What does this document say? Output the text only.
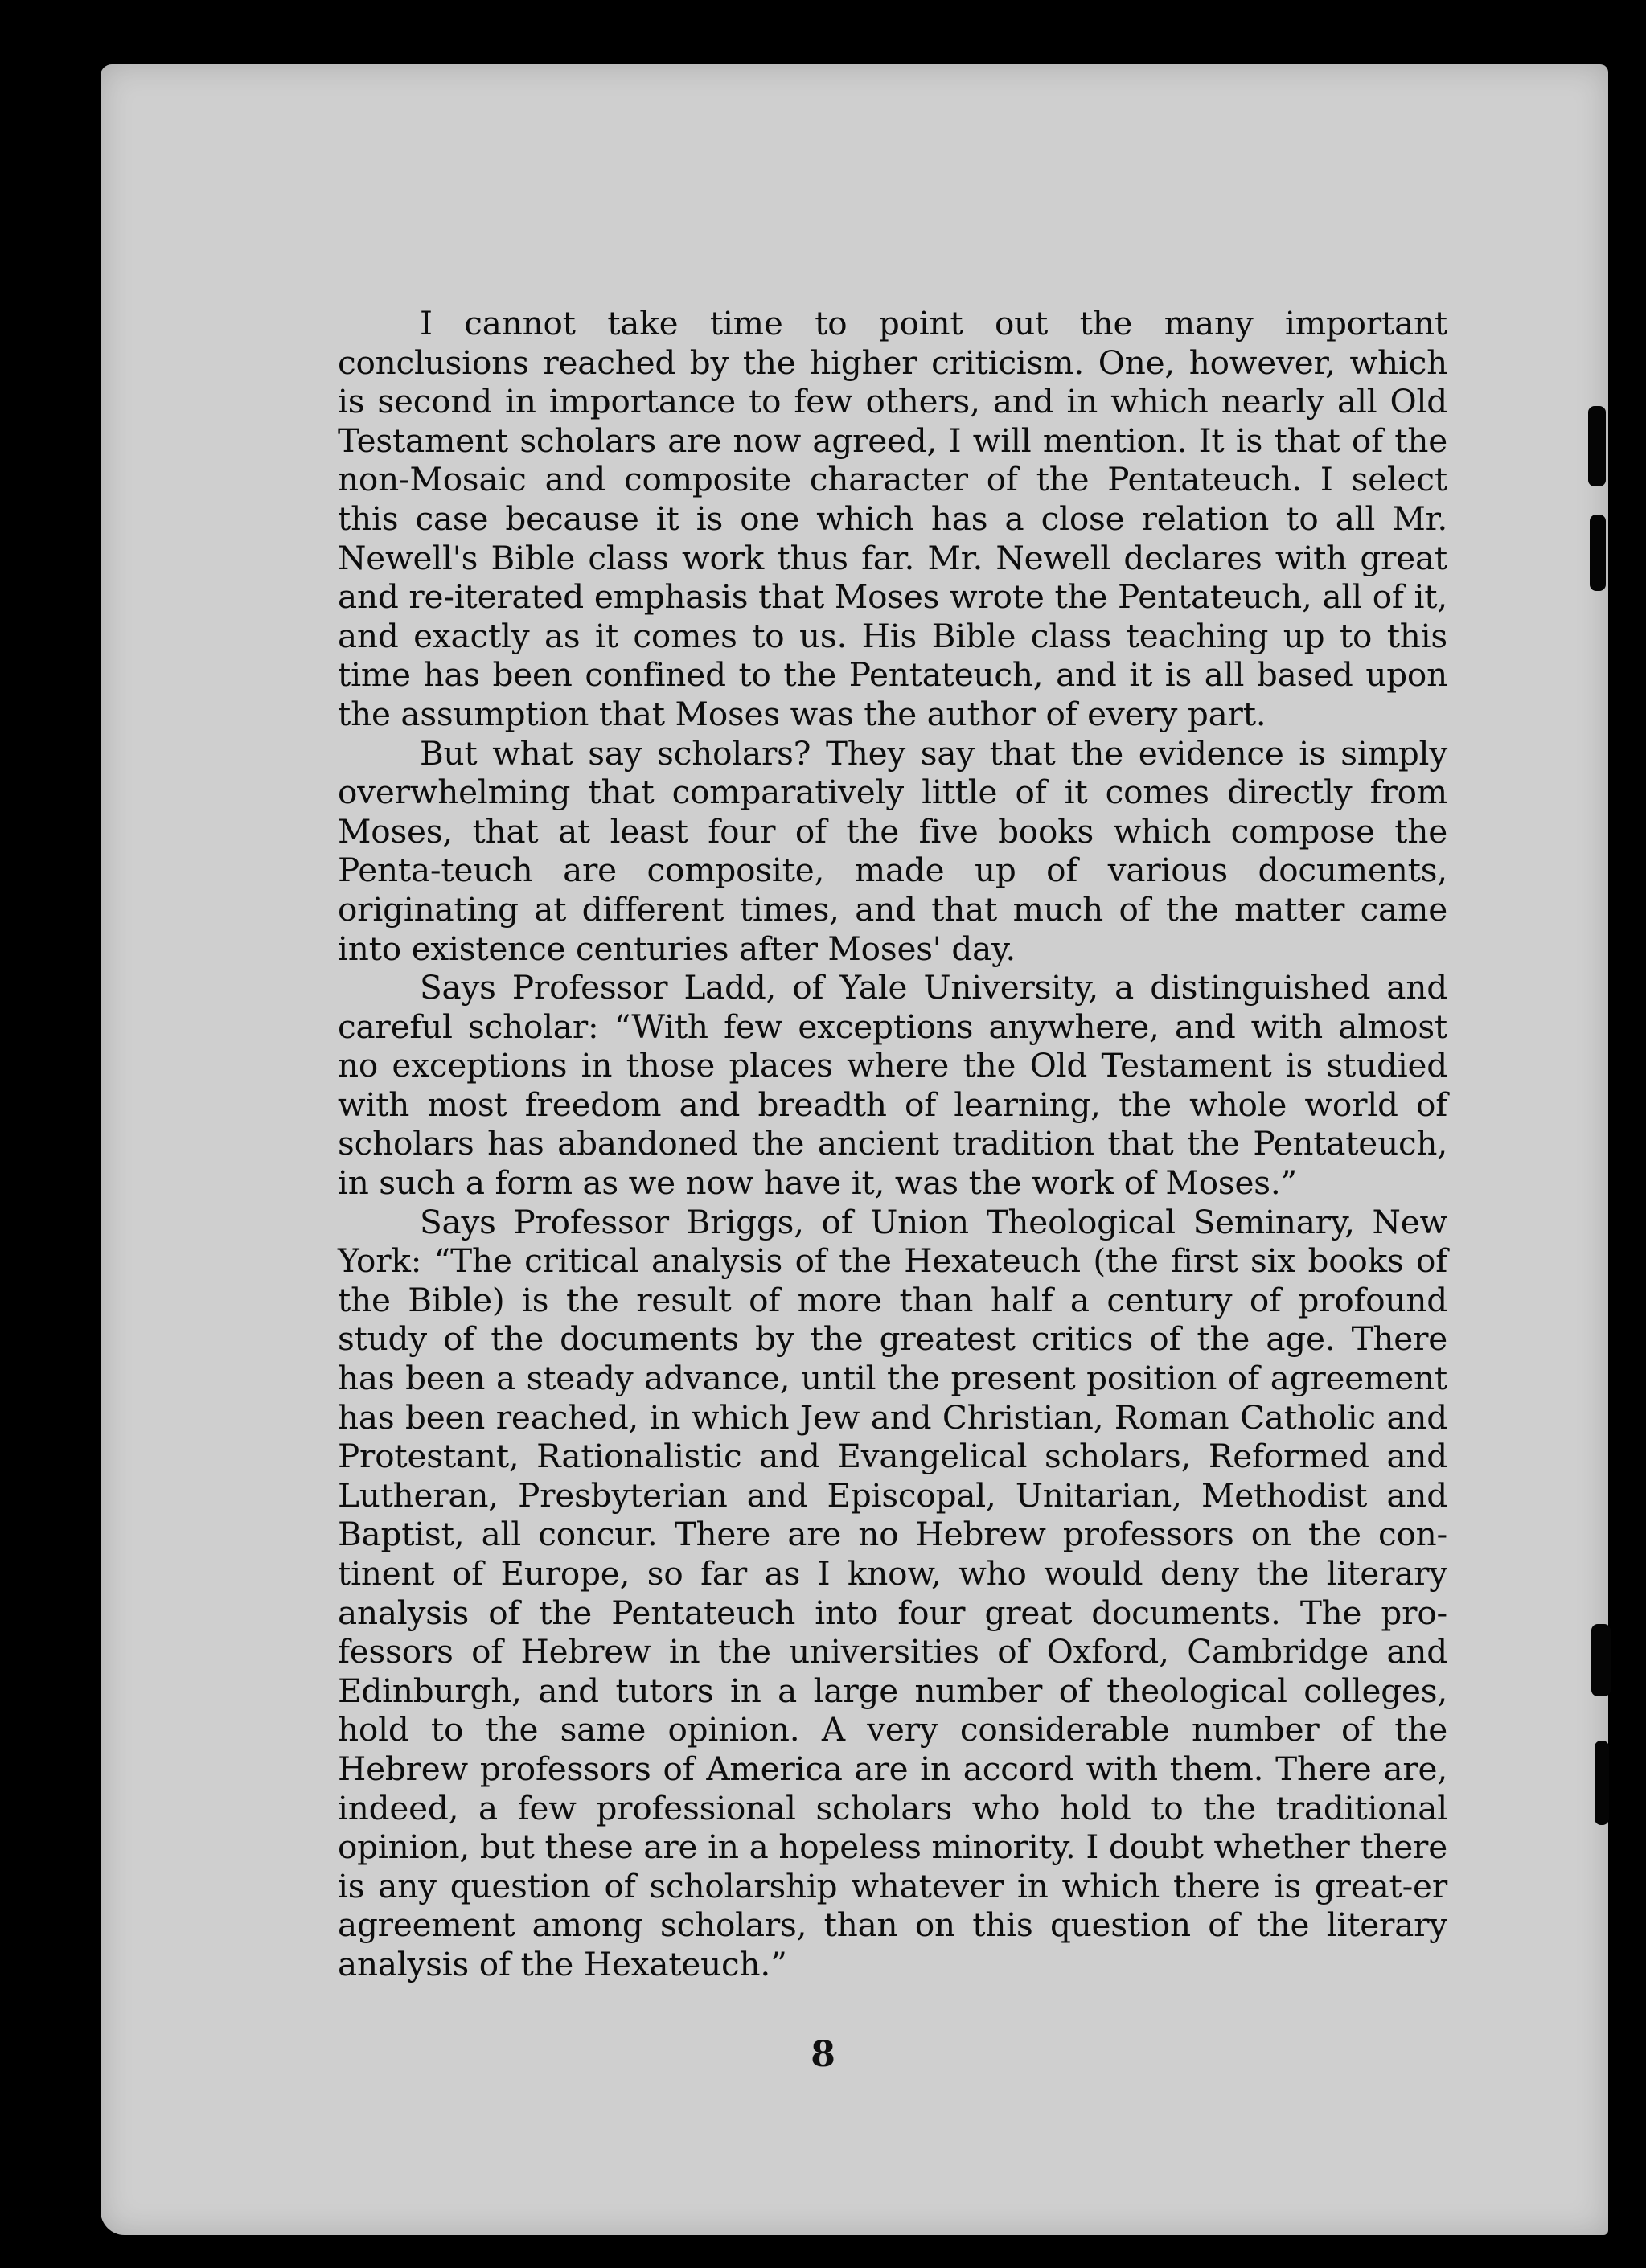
I cannot take time to point out the many important conclusions reached by the higher criticism. One, however, which is second in importance to few others, and in which nearly all Old Testament scholars are now agreed, I will mention. It is that of the non-Mosaic and composite character of the Pentateuch. I select this case because it is one which has a close relation to all Mr. Newell's Bible class work thus far. Mr. Newell declares with great and re-iterated emphasis that Moses wrote the Pentateuch, all of it, and exactly as it comes to us. His Bible class teaching up to this time has been confined to the Pentateuch, and it is all based upon the assumption that Moses was the author of every part.

But what say scholars? They say that the evidence is simply overwhelming that comparatively little of it comes directly from Moses, that at least four of the five books which compose the Penta-teuch are composite, made up of various documents, originating at different times, and that much of the matter came into existence centuries after Moses' day.

Says Professor Ladd, of Yale University, a distinguished and careful scholar: “With few exceptions anywhere, and with almost no exceptions in those places where the Old Testament is studied with most freedom and breadth of learning, the whole world of scholars has abandoned the ancient tradition that the Pentateuch, in such a form as we now have it, was the work of Moses.”

Says Professor Briggs, of Union Theological Seminary, New York: “The critical analysis of the Hexateuch (the first six books of the Bible) is the result of more than half a century of profound study of the documents by the greatest critics of the age. There has been a steady advance, until the present position of agreement has been reached, in which Jew and Christian, Roman Catholic and Protestant, Rationalistic and Evangelical scholars, Reformed and Lutheran, Presbyterian and Episcopal, Unitarian, Methodist and Baptist, all concur. There are no Hebrew professors on the con-tinent of Europe, so far as I know, who would deny the literary analysis of the Pentateuch into four great documents. The pro-fessors of Hebrew in the universities of Oxford, Cambridge and Edinburgh, and tutors in a large number of theological colleges, hold to the same opinion. A very considerable number of the Hebrew professors of America are in accord with them. There are, indeed, a few professional scholars who hold to the traditional opinion, but these are in a hopeless minority. I doubt whether there is any question of scholarship whatever in which there is great-er agreement among scholars, than on this question of the literary analysis of the Hexateuch.”

8
